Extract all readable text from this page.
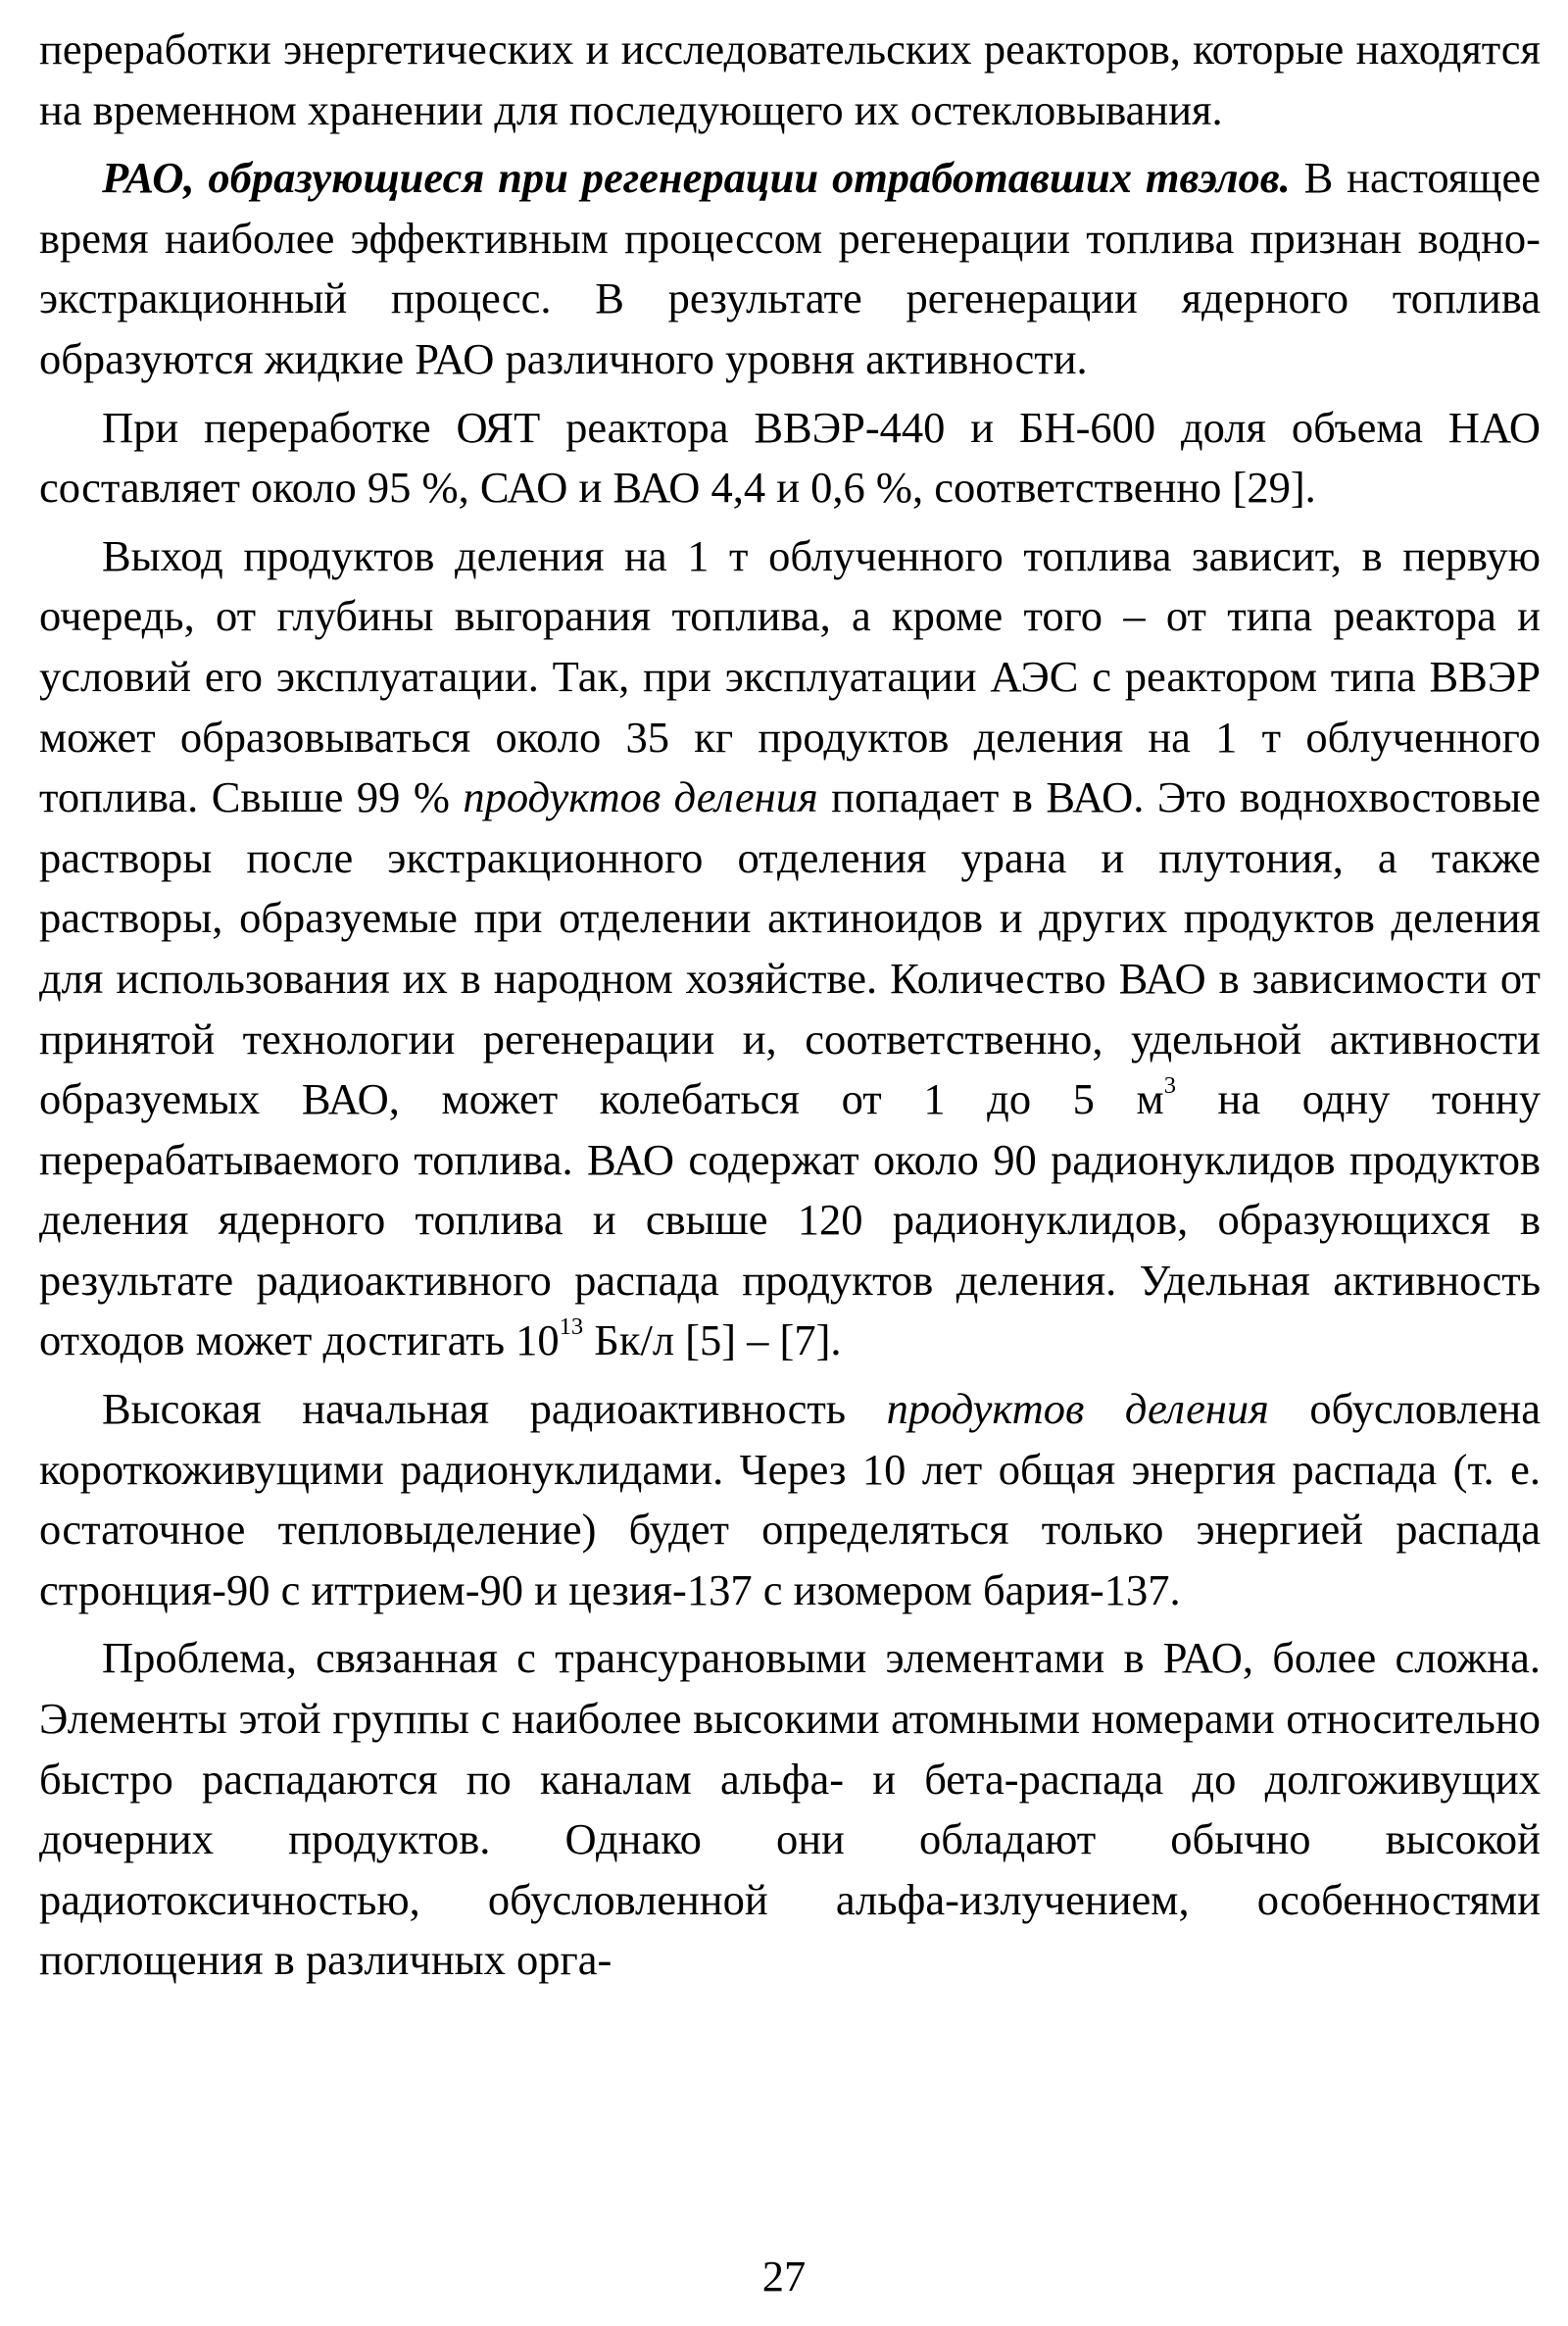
переработки энергетических и исследовательских реакторов, которые находятся на временном хранении для последующего их остекловывания.

РАО, образующиеся при регенерации отработавших твэлов. В настоящее время наиболее эффективным процессом регенерации топлива признан водно-экстракционный процесс. В результате регенерации ядерного топлива образуются жидкие РАО различного уровня активности.

При переработке ОЯТ реактора ВВЭР-440 и БН-600 доля объема НАО составляет около 95 %, САО и ВАО 4,4 и 0,6 %, соответственно [29].

Выход продуктов деления на 1 т облученного топлива зависит, в первую очередь, от глубины выгорания топлива, а кроме того – от типа реактора и условий его эксплуатации. Так, при эксплуатации АЭС с реактором типа ВВЭР может образовываться около 35 кг продуктов деления на 1 т облученного топлива. Свыше 99 % продуктов деления попадает в ВАО. Это воднохвостовые растворы после экстракционного отделения урана и плутония, а также растворы, образуемые при отделении актиноидов и других продуктов деления для использования их в народном хозяйстве. Количество ВАО в зависимости от принятой технологии регенерации и, соответственно, удельной активности образуемых ВАО, может колебаться от 1 до 5 $м^3$ на одну тонну перерабатываемого топлива. ВАО содержат около 90 радионуклидов продуктов деления ядерного топлива и свыше 120 радионуклидов, образующихся в результате радиоактивного распада продуктов деления. Удельная активность отходов может достигать $10^{13}$ Бк/л [5] – [7].

Высокая начальная радиоактивность продуктов деления обусловлена короткоживущими радионуклидами. Через 10 лет общая энергия распада (т. е. остаточное тепловыделение) будет определяться только энергией распада стронция-90 с иттрием-90 и цезия-137 с изомером бария-137.

Проблема, связанная с трансурановыми элементами в РАО, более сложна. Элементы этой группы с наиболее высокими атомными номерами относительно быстро распадаются по каналам альфа- и бета-распада до долгоживущих дочерних продуктов. Однако они обладают обычно высокой радиотоксичностью, обусловленной альфа-излучением, особенностями поглощения в различных орга-

27
